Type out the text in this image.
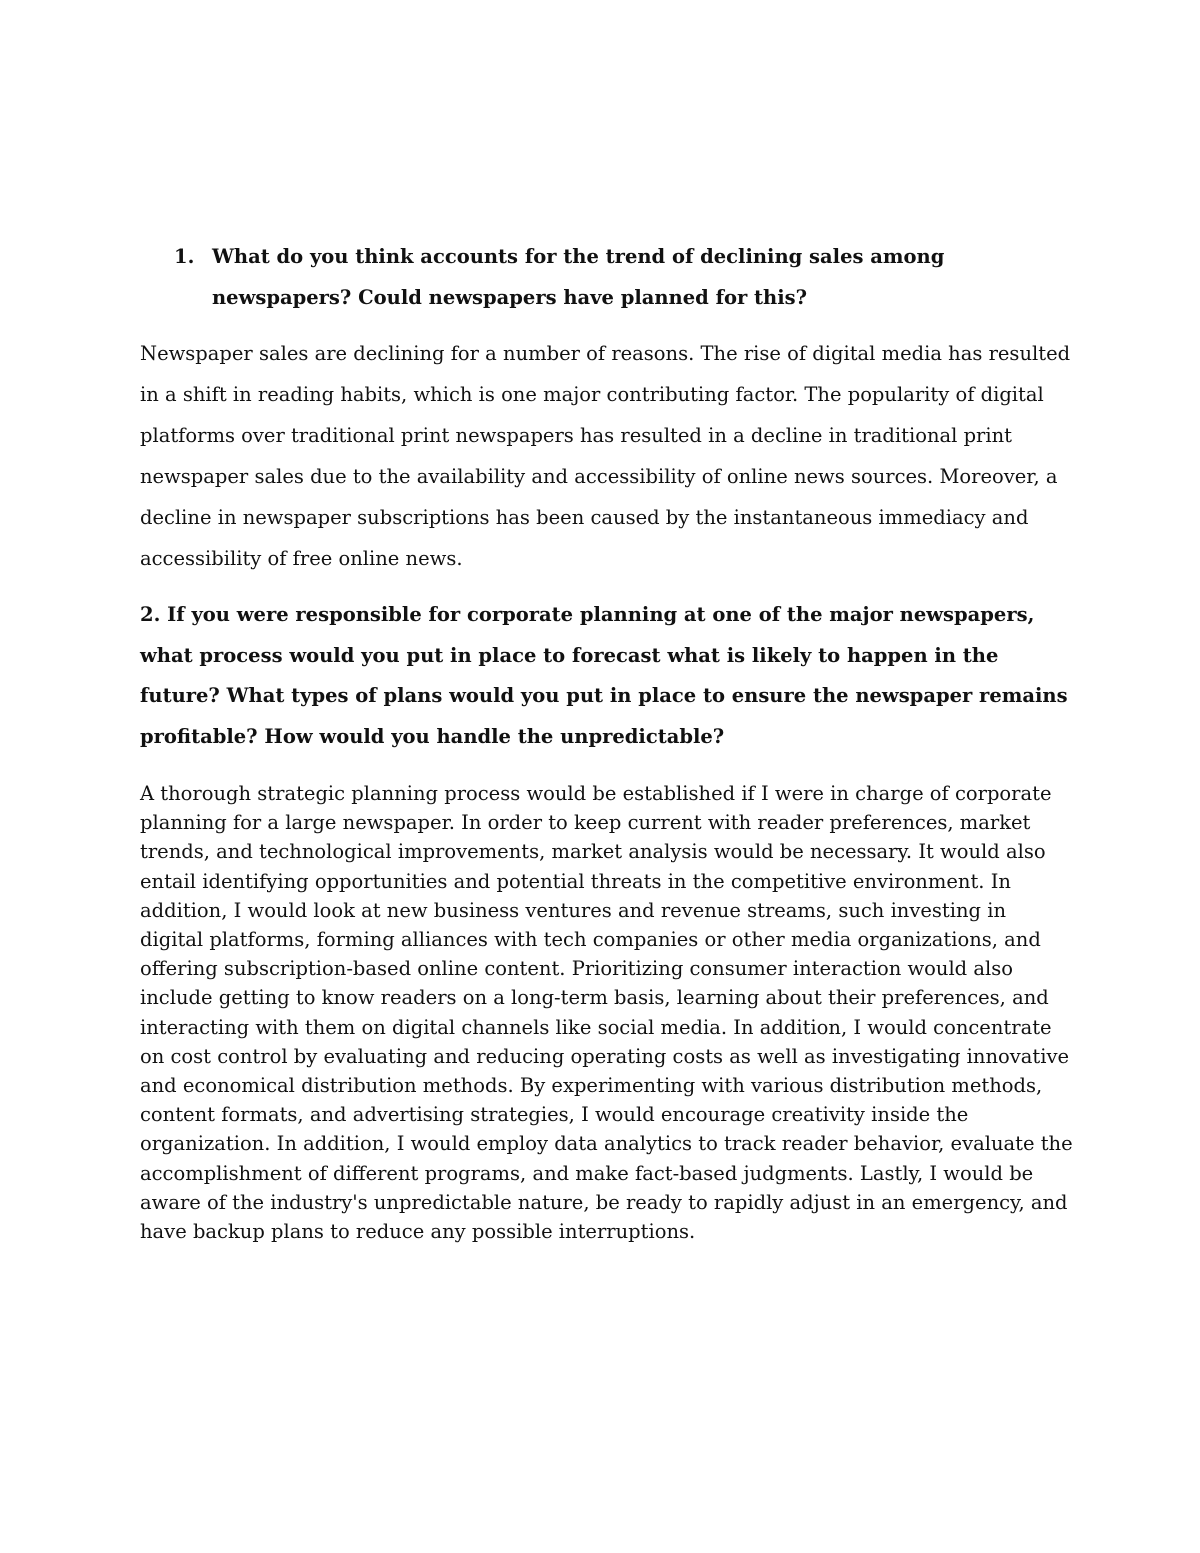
1. What do you think accounts for the trend of declining sales among newspapers? Could newspapers have planned for this?

Newspaper sales are declining for a number of reasons. The rise of digital media has resulted in a shift in reading habits, which is one major contributing factor. The popularity of digital platforms over traditional print newspapers has resulted in a decline in traditional print newspaper sales due to the availability and accessibility of online news sources. Moreover, a decline in newspaper subscriptions has been caused by the instantaneous immediacy and accessibility of free online news.

2. If you were responsible for corporate planning at one of the major newspapers, what process would you put in place to forecast what is likely to happen in the future? What types of plans would you put in place to ensure the newspaper remains profitable? How would you handle the unpredictable?

A thorough strategic planning process would be established if I were in charge of corporate planning for a large newspaper. In order to keep current with reader preferences, market trends, and technological improvements, market analysis would be necessary. It would also entail identifying opportunities and potential threats in the competitive environment. In addition, I would look at new business ventures and revenue streams, such investing in digital platforms, forming alliances with tech companies or other media organizations, and offering subscription-based online content. Prioritizing consumer interaction would also include getting to know readers on a long-term basis, learning about their preferences, and interacting with them on digital channels like social media. In addition, I would concentrate on cost control by evaluating and reducing operating costs as well as investigating innovative and economical distribution methods. By experimenting with various distribution methods, content formats, and advertising strategies, I would encourage creativity inside the organization. In addition, I would employ data analytics to track reader behavior, evaluate the accomplishment of different programs, and make fact-based judgments. Lastly, I would be aware of the industry's unpredictable nature, be ready to rapidly adjust in an emergency, and have backup plans to reduce any possible interruptions.
